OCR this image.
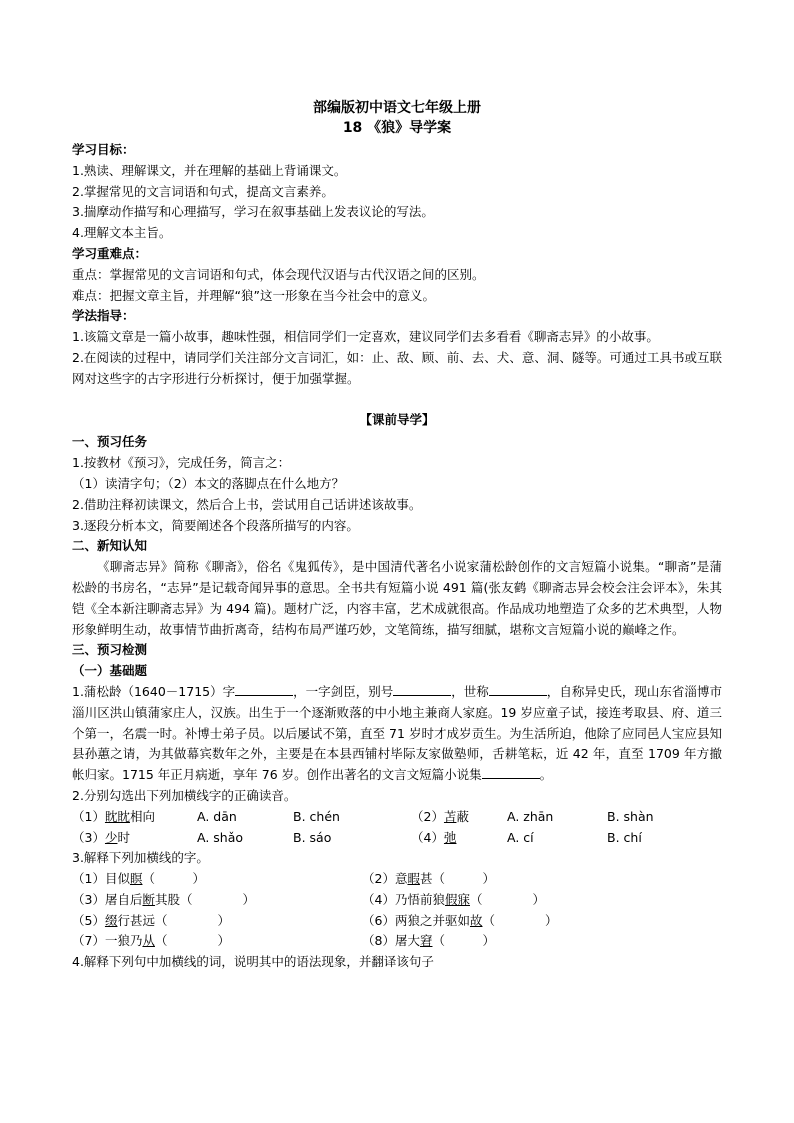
部编版初中语文七年级上册

18 《狼》导学案

学习目标：

1.熟读、理解课文，并在理解的基础上背诵课文。

2.掌握常见的文言词语和句式，提高文言素养。

3.揣摩动作描写和心理描写，学习在叙事基础上发表议论的写法。

4.理解文本主旨。

学习重难点：

重点：掌握常见的文言词语和句式，体会现代汉语与古代汉语之间的区别。

难点：把握文章主旨，并理解“狼”这一形象在当今社会中的意义。

学法指导：

1.该篇文章是一篇小故事，趣味性强，相信同学们一定喜欢，建议同学们去多看看《聊斋志异》的小故事。

2.在阅读的过程中，请同学们关注部分文言词汇，如：止、敌、顾、前、去、犬、意、洞、隧等。可通过工具书或互联网对这些字的古字形进行分析探讨，便于加强掌握。

【课前导学】

一、预习任务

1.按教材《预习》，完成任务，简言之：

（1）读清字句；（2）本文的落脚点在什么地方？

2.借助注释初读课文，然后合上书，尝试用自己话讲述该故事。

3.逐段分析本文，简要阐述各个段落所描写的内容。

二、新知认知

《聊斋志异》简称《聊斋》，俗名《鬼狐传》，是中国清代著名小说家蒲松龄创作的文言短篇小说集。“聊斋”是蒲松龄的书房名，“志异”是记载奇闻异事的意思。全书共有短篇小说 491 篇(张友鹤《聊斋志异会校会注会评本》，朱其铠《全本新注聊斋志异》为 494 篇)。题材广泛，内容丰富，艺术成就很高。作品成功地塑造了众多的艺术典型，人物形象鲜明生动，故事情节曲折离奇，结构布局严谨巧妙，文笔简练，描写细腻，堪称文言短篇小说的巅峰之作。

三、预习检测

（一）基础题

1.蒲松龄（1640－1715）字	，一字剑臣，别号	，世称	，自称异史氏，现山东省淄博市淄川区洪山镇蒲家庄人，汉族。出生于一个逐渐败落的中小地主兼商人家庭。19 岁应童子试，接连考取县、府、道三个第一，名震一时。补博士弟子员。以后屡试不第，直至 71 岁时才成岁贡生。为生活所迫，他除了应同邑人宝应县知县孙蕙之请，为其做幕宾数年之外，主要是在本县西铺村毕际友家做塾师，舌耕笔耘，近 42 年，直至 1709 年方撤帐归家。1715 年正月病逝，享年 76 岁。创作出著名的文言文短篇小说集	。

2.分别勾选出下列加横线字的正确读音。

（1）眈眈相向	A. dān	B. chén	（2）苫蔽	A. zhān	B. shàn
（3）少时	A. shǎo	B. sáo	（4）弛	A. cí	B. chí

3.解释下列加横线的字。

（1）目似瞑（　　　）	（2）意暇甚（　　　）
（3）屠自后断其股（　　　　）	（4）乃悟前狼假寐（　　　　）
（5）缀行甚远（　　　　）	（6）两狼之并驱如故（　　　　）
（7）一狼乃从（　　　　）	（8）屠大窘（　　　）

4.解释下列句中加横线的词，说明其中的语法现象，并翻译该句子
